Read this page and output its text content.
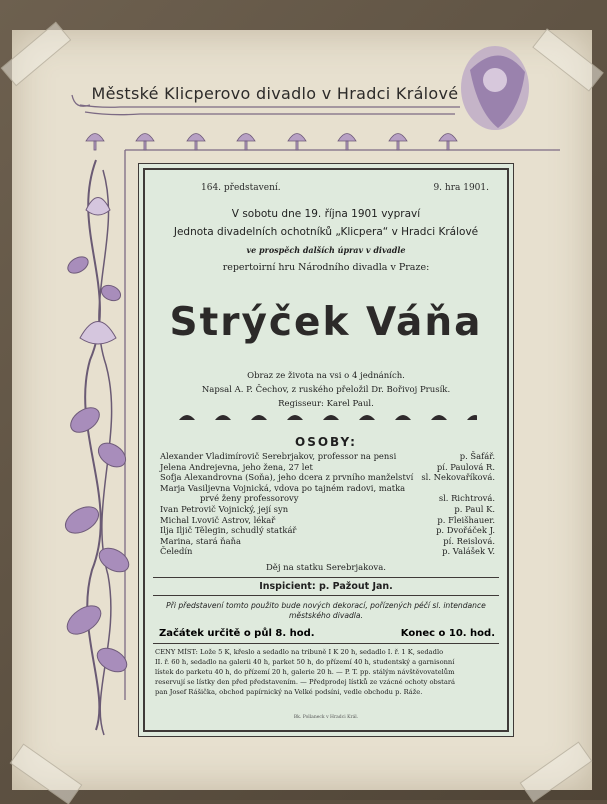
Městské Klicperovo divadlo v Hradci Králové
164. představení.	9. hra 1901.
V sobotu dne 19. října 1901 vypraví
Jednota divadelních ochotníků „Klicpera“ v Hradci Králové
ve prospěch dalších úprav v divadle
repertoirní hru Národního divadla v Praze:
Strýček Váňa
Obraz ze života na vsi o 4 jednáních.
Napsal A. P. Čechov, z ruského přeložil Dr. Bořivoj Prusík.
Regisseur: Karel Paul.
OSOBY:
Alexander Vladimírovič Serebrjakov, professor na pensi	p. Šafář.
Jelena Andrejevna, jeho žena, 27 let	pí. Paulová R.
Sofja Alexandrovna (Soňa), jeho dcera z prvního manželství sl. Nekovaříková.
Marja Vasiljevna Vojnická, vdova po tajném radovi, matka
prvé ženy professorovy	sl. Richtrová.
Ivan Petrovič Vojnický, její syn	p. Paul K.
Michal Lvovič Astrov, lékař	p. Fleišhauer.
Ilja Iljič Tělegin, schudlý statkář	p. Dvořáček J.
Marina, stará ňaňa	pí. Reislová.
Čeledín	p. Valášek V.
Děj na statku Serebrjakova.
Inspicient: p. Pažout Jan.
Při představení tomto použito bude nových dekorací, pořízených péčí sl. intendance
městského divadla.
Začátek určitě o půl 8. hod.	Konec o 10. hod.
CENY MÍST: Lože 5 K, křeslo a sedadlo na tribuně I K 20 h, sedadlo I. ř. 1 K, sedadlo
II. ř. 60 h, sedadlo na galerii 40 h, parket 50 h, do přízemí 40 h, studentský a garnisonní
lístek do parketu 40 h, do přízemí 20 h, galerie 20 h. — P. T. pp. stálým návštěvovatelům
reservují se lístky den před představením. — Předprodej lístků ze vzácné ochoty obstará
pan Josef Rášička, obchod papírnický na Velké podsíni, vedle obchodu p. Ráže.
Bk. Pollaneck v Hradci Král.
